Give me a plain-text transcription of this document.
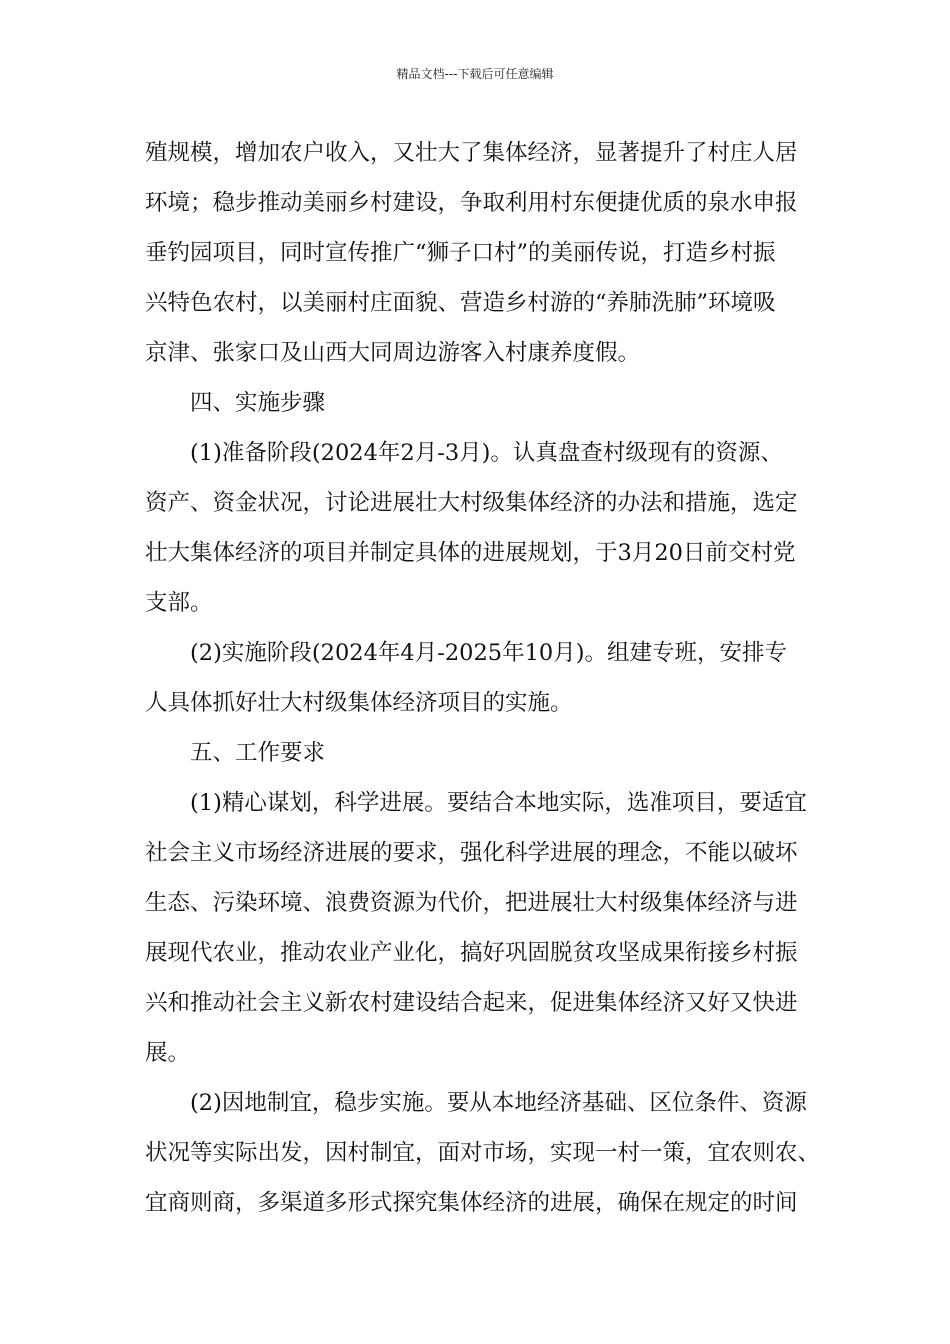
精品文档---下载后可任意编辑
殖规模，增加农户收入，又壮大了集体经济，显著提升了村庄人居
环境；稳步推动美丽乡村建设，争取利用村东便捷优质的泉水申报
垂钓园项目，同时宣传推广“狮子口村”的美丽传说，打造乡村振
兴特色农村，以美丽村庄面貌、营造乡村游的“养肺洗肺”环境吸
京津、张家口及山西大同周边游客入村康养度假。
四、实施步骤
(1)准备阶段(2024年2月-3月)。认真盘查村级现有的资源、
资产、资金状况，讨论进展壮大村级集体经济的办法和措施，选定
壮大集体经济的项目并制定具体的进展规划，于3月20日前交村党
支部。
(2)实施阶段(2024年4月-2025年10月)。组建专班，安排专
人具体抓好壮大村级集体经济项目的实施。
五、工作要求
(1)精心谋划，科学进展。要结合本地实际，选准项目，要适宜
社会主义市场经济进展的要求，强化科学进展的理念，不能以破坏
生态、污染环境、浪费资源为代价，把进展壮大村级集体经济与进
展现代农业，推动农业产业化，搞好巩固脱贫攻坚成果衔接乡村振
兴和推动社会主义新农村建设结合起来，促进集体经济又好又快进
展。
(2)因地制宜，稳步实施。要从本地经济基础、区位条件、资源
状况等实际出发，因村制宜，面对市场，实现一村一策，宜农则农、
宜商则商，多渠道多形式探究集体经济的进展，确保在规定的时间
